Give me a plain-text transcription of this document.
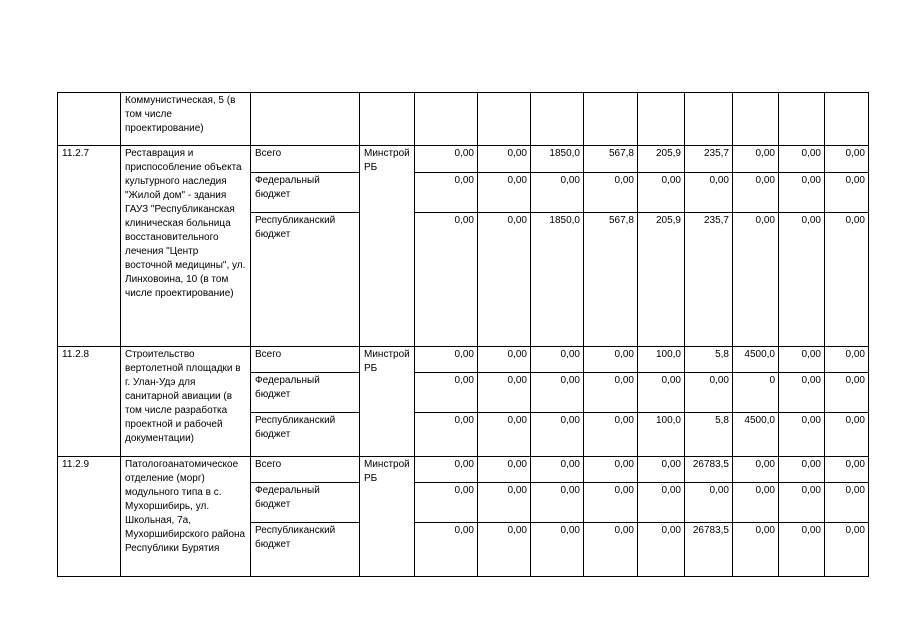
	Коммунистическая, 5 (в том числе проектирование)											
11.2.7	Реставрация и приспособление объекта культурного наследия "Жилой дом" - здания ГАУЗ "Республиканская клиническая больница восстановительного лечения "Центр восточной медицины", ул. Линховоина, 10 (в том числе проектирование)	Всего	Минстрой РБ	0,00	0,00	1850,0	567,8	205,9	235,7	0,00	0,00	0,00
		Федеральный бюджет		0,00	0,00	0,00	0,00	0,00	0,00	0,00	0,00	0,00
		Республиканский бюджет		0,00	0,00	1850,0	567,8	205,9	235,7	0,00	0,00	0,00
11.2.8	Строительство вертолетной площадки в г. Улан-Удэ для санитарной авиации (в том числе разработка проектной и рабочей документации)	Всего	Минстрой РБ	0,00	0,00	0,00	0,00	100,0	5,8	4500,0	0,00	0,00
		Федеральный бюджет		0,00	0,00	0,00	0,00	0,00	0,00	0	0,00	0,00
		Республиканский бюджет		0,00	0,00	0,00	0,00	100,0	5,8	4500,0	0,00	0,00
11.2.9	Патологоанатомическое отделение (морг) модульного типа в с. Мухоршибирь, ул. Школьная, 7а, Мухоршибирского района Республики Бурятия	Всего	Минстрой РБ	0,00	0,00	0,00	0,00	0,00	26783,5	0,00	0,00	0,00
		Федеральный бюджет		0,00	0,00	0,00	0,00	0,00	0,00	0,00	0,00	0,00
		Республиканский бюджет		0,00	0,00	0,00	0,00	0,00	26783,5	0,00	0,00	0,00
